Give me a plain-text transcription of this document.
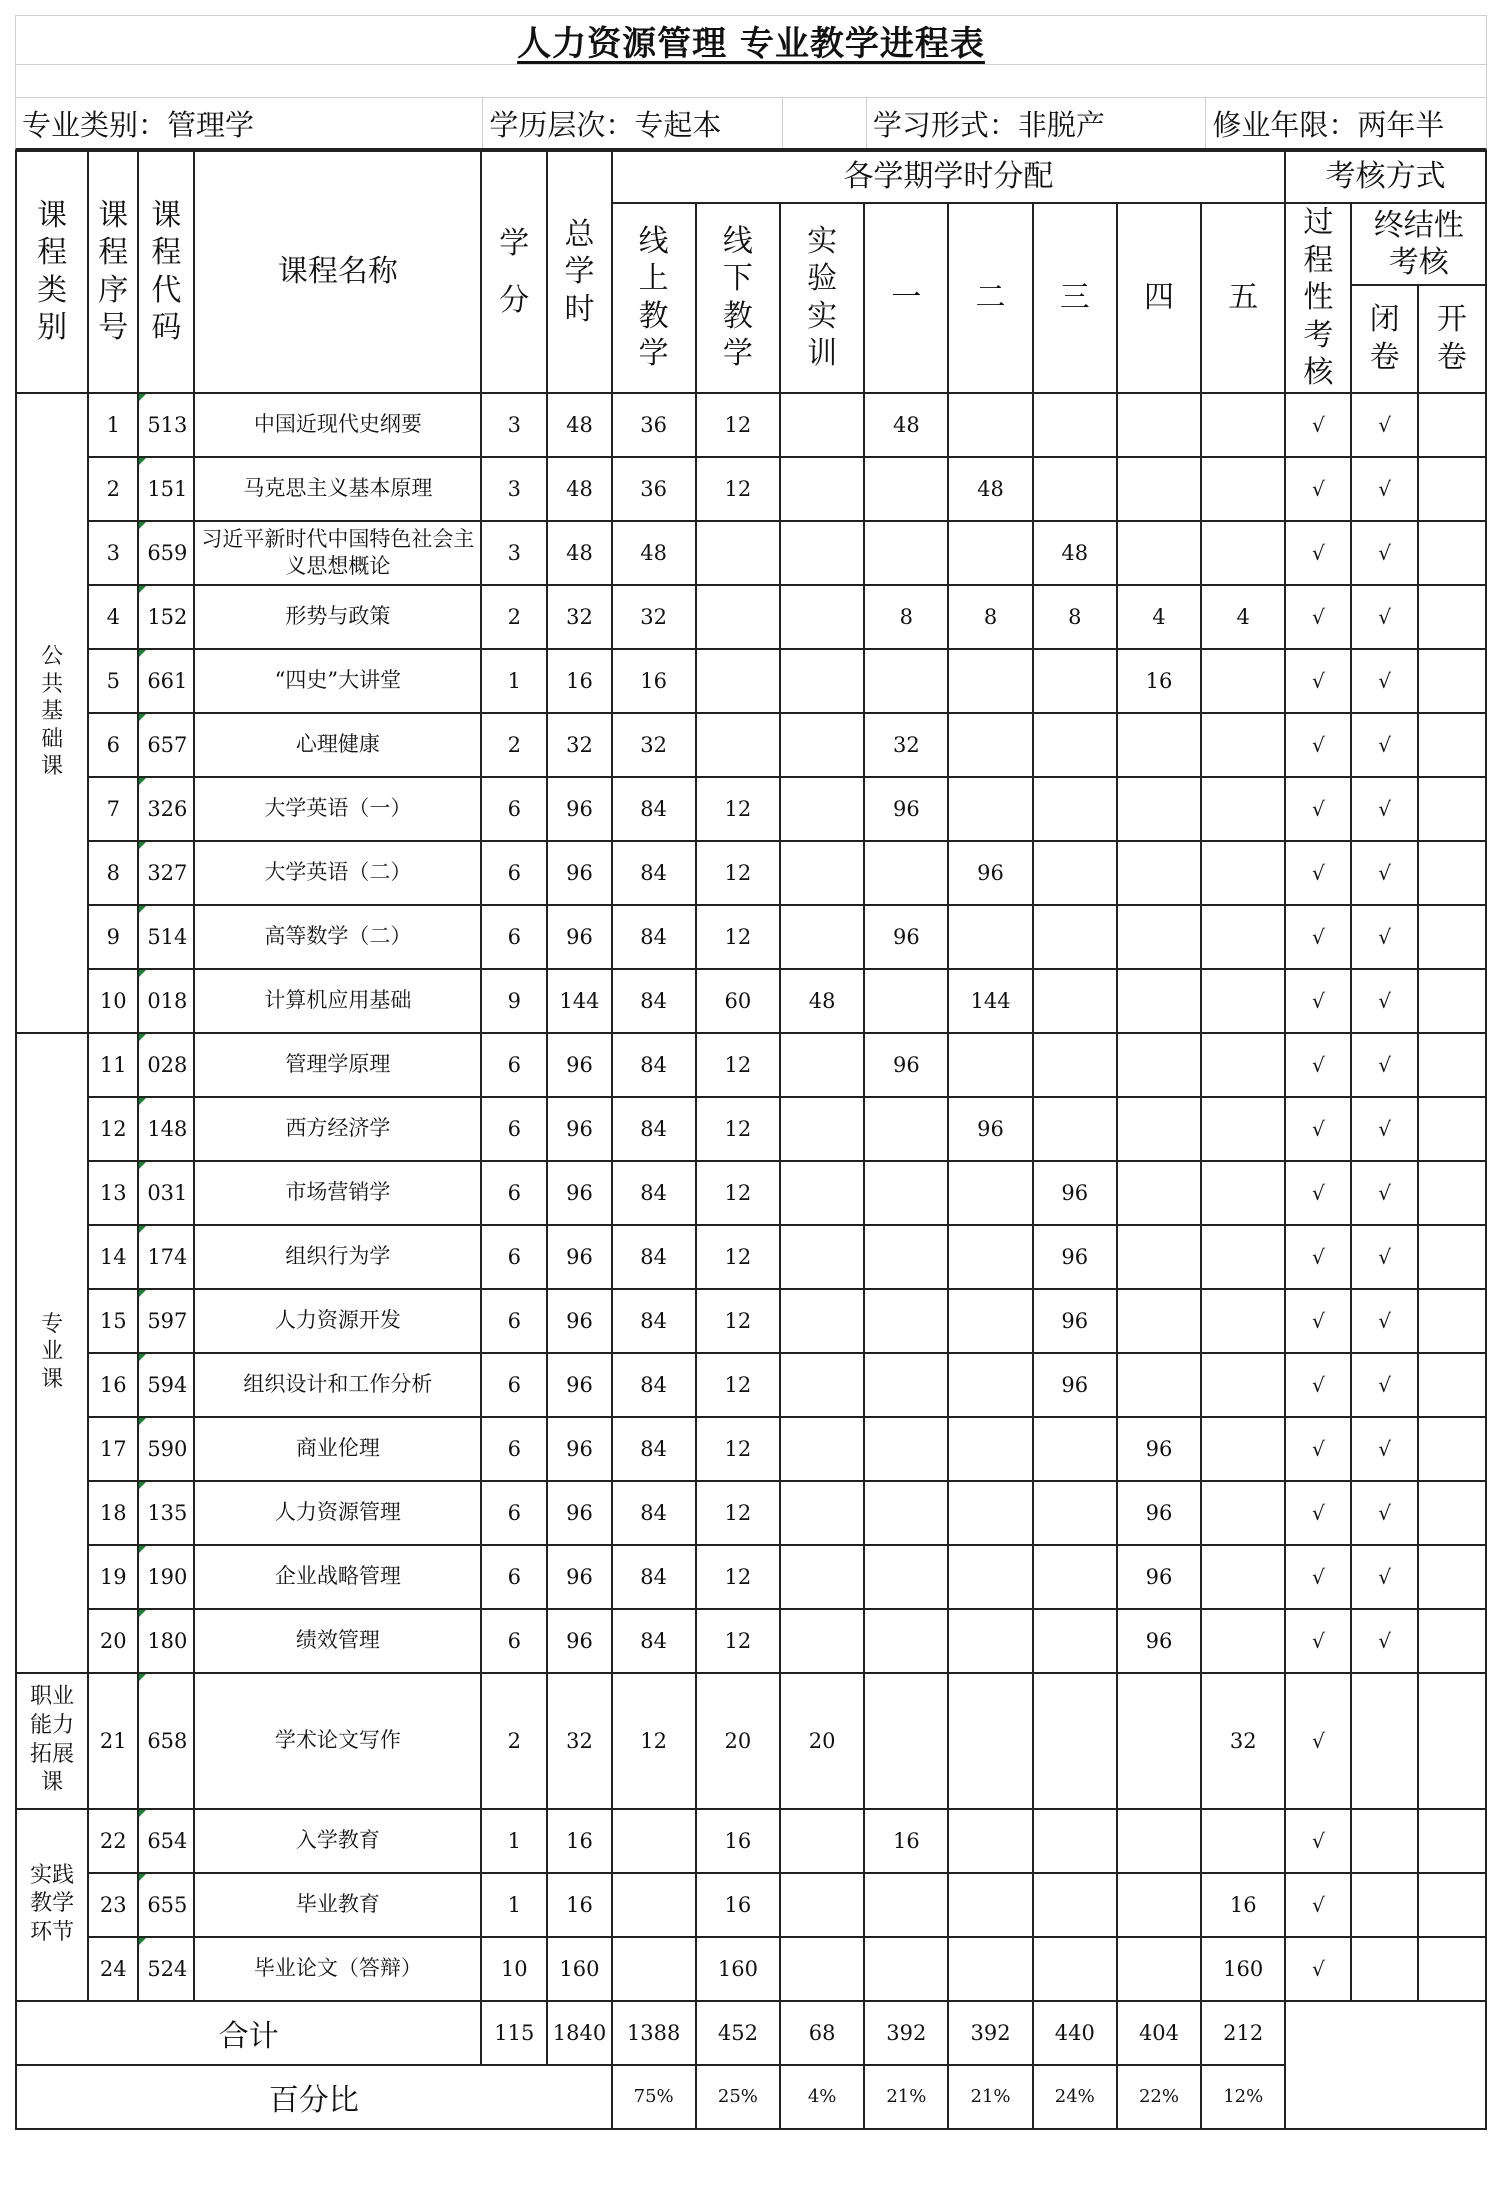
人力资源管理 专业教学进程表
专业类别：管理学	学历层次：专起本	学习形式：非脱产	修业年限：两年半
课程类别	课程序号	课程代码	课程名称	学分	总学时	各学期学时分配								考核方式		
						线上教学	线下教学	实验实训	一	二	三	四	五	过程性考核	终结性考核	
															闭卷	开卷
公共基础课	1	513	中国近现代史纲要	3	48	36	12		48					√	√	
	2	151	马克思主义基本原理	3	48	36	12			48				√	√	
	3	659	习近平新时代中国特色社会主义思想概论	3	48	48					48			√	√	
	4	152	形势与政策	2	32	32			8	8	8	4	4	√	√	
	5	661	“四史”大讲堂	1	16	16						16		√	√	
	6	657	心理健康	2	32	32			32					√	√	
	7	326	大学英语（一）	6	96	84	12		96					√	√	
	8	327	大学英语（二）	6	96	84	12			96				√	√	
	9	514	高等数学（二）	6	96	84	12		96					√	√	
	10	018	计算机应用基础	9	144	84	60	48		144				√	√	
专业课	11	028	管理学原理	6	96	84	12		96					√	√	
	12	148	西方经济学	6	96	84	12			96				√	√	
	13	031	市场营销学	6	96	84	12				96			√	√	
	14	174	组织行为学	6	96	84	12				96			√	√	
	15	597	人力资源开发	6	96	84	12				96			√	√	
	16	594	组织设计和工作分析	6	96	84	12				96			√	√	
	17	590	商业伦理	6	96	84	12					96		√	√	
	18	135	人力资源管理	6	96	84	12					96		√	√	
	19	190	企业战略管理	6	96	84	12					96		√	√	
	20	180	绩效管理	6	96	84	12					96		√	√	
职业能力拓展课	21	658	学术论文写作	2	32	12	20	20					32	√		
实践教学环节	22	654	入学教育	1	16		16		16					√		
	23	655	毕业教育	1	16		16						16	√		
	24	524	毕业论文（答辩）	10	160		160						160	√		
合计				115	1840	1388	452	68	392	392	440	404	212			
百分比						75%	25%	4%	21%	21%	24%	22%	12%			
